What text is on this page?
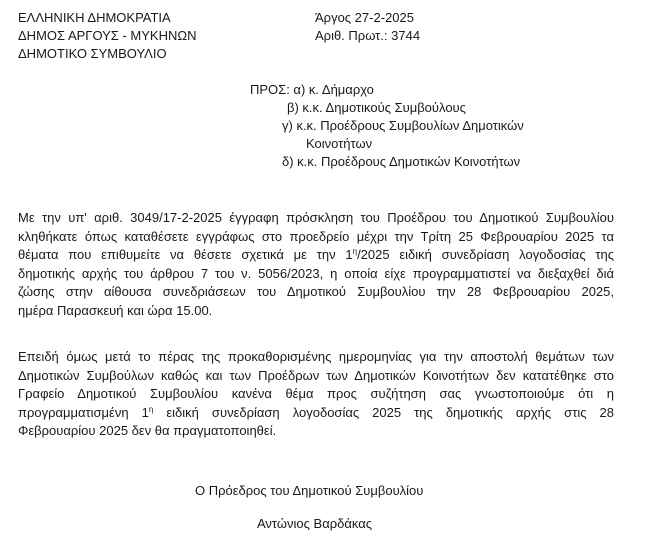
ΕΛΛΗΝΙΚΗ ΔΗΜΟΚΡΑΤΙΑ
ΔΗΜΟΣ ΑΡΓΟΥΣ - ΜΥΚΗΝΩΝ
ΔΗΜΟΤΙΚΟ ΣΥΜΒΟΥΛΙΟ
Άργος 27-2-2025
Αριθ. Πρωτ.: 3744
ΠΡΟΣ: α) κ. Δήμαρχο
β) κ.κ. Δημοτικούς Συμβούλους
γ) κ.κ. Προέδρους Συμβουλίων Δημοτικών
Κοινοτήτων
δ) κ.κ. Προέδρους Δημοτικών Κοινοτήτων
Με την υπ' αριθ. 3049/17-2-2025 έγγραφη πρόσκληση του Προέδρου του Δημοτικού Συμβουλίου
κληθήκατε όπως καταθέσετε εγγράφως στο προεδρείο μέχρι την Τρίτη 25 Φεβρουαρίου 2025 τα
θέματα που επιθυμείτε να θέσετε σχετικά με την $1^\eta/2025$ ειδική συνεδρίαση λογοδοσίας της
δημοτικής αρχής του άρθρου 7 του ν. 5056/2023, η οποία είχε προγραμματιστεί να διεξαχθεί διά
ζώσης στην αίθουσα συνεδριάσεων του Δημοτικού Συμβουλίου την 28 Φεβρουαρίου 2025,
ημέρα Παρασκευή και ώρα 15.00.
Επειδή όμως μετά το πέρας της προκαθορισμένης ημερομηνίας για την αποστολή θεμάτων των
Δημοτικών Συμβούλων καθώς και των Προέδρων των Δημοτικών Κοινοτήτων δεν κατατέθηκε στο
Γραφείο Δημοτικού Συμβουλίου κανένα θέμα προς συζήτηση σας γνωστοποιούμε ότι η
προγραμματισμένη $1^\eta$ ειδική συνεδρίαση λογοδοσίας 2025 της δημοτικής αρχής στις 28
Φεβρουαρίου 2025 δεν θα πραγματοποιηθεί.
Ο Πρόεδρος του Δημοτικού Συμβουλίου
Αντώνιος Βαρδάκας
